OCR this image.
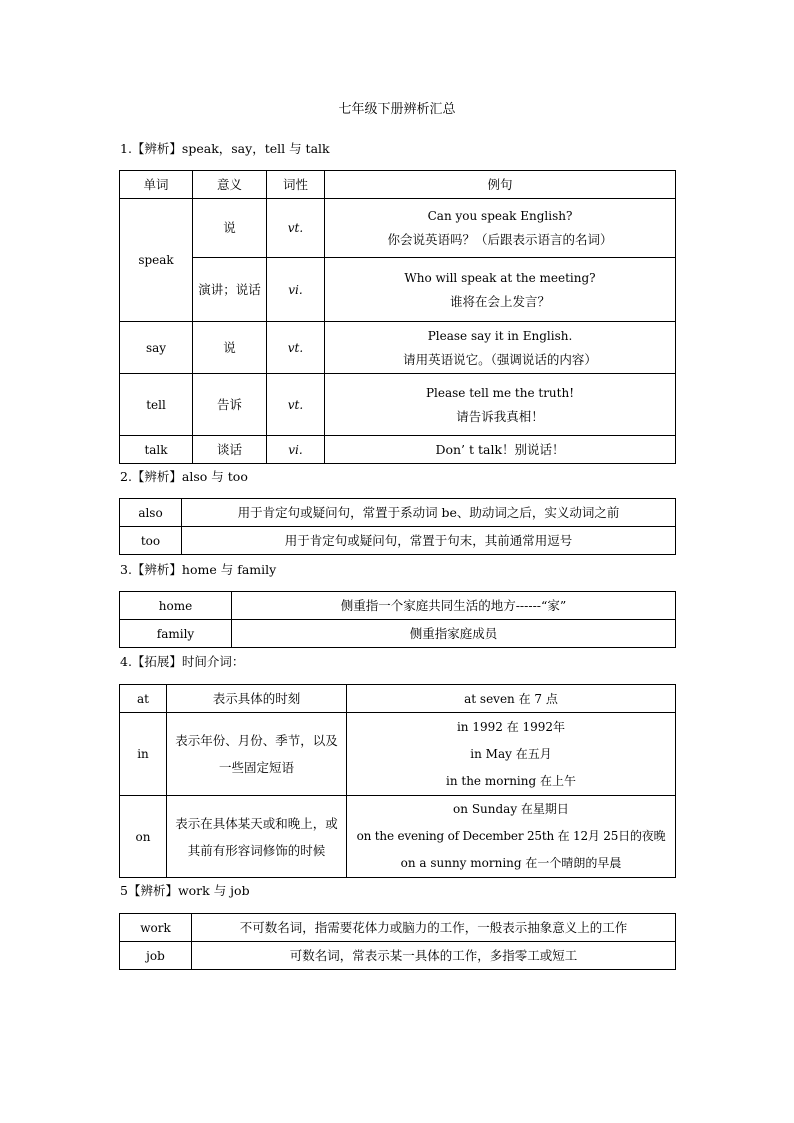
七年级下册辨析汇总
1.【辨析】speak，say，tell 与 talk
单词	意义	词性	例句
speak	说	vt.	Can you speak English?
你会说英语吗？（后跟表示语言的名词）

	演讲；说话	vi.	Who will speak at the meeting?
谁将在会上发言？

say	说	vt.	Please say it in English.
请用英语说它。（强调说话的内容）

tell	告诉	vt.	Please tell me the truth!
请告诉我真相！

talk	谈话	vi.	Don’ t talk！别说话！
2.【辨析】also 与 too
also	用于肯定句或疑问句，常置于系动词 be、助动词之后，实义动词之前
too	用于肯定句或疑问句，常置于句末，其前通常用逗号
3.【辨析】home 与 family
home	侧重指一个家庭共同生活的地方------“家”
family	侧重指家庭成员
4.【拓展】时间介词：
at	表示具体的时刻	at seven 在 7 点
in	表示年份、月份、季节，以及一些固定短语	in 1992 在 1992年
in May 在五月
in the morning 在上午

on	表示在具体某天或和晚上，或其前有形容词修饰的时候	on Sunday 在星期日
on the evening of December 25th 在 12月 25日的夜晚
on a sunny morning 在一个晴朗的早晨
5【辨析】work 与 job
work	不可数名词，指需要花体力或脑力的工作，一般表示抽象意义上的工作
job	可数名词，常表示某一具体的工作，多指零工或短工
